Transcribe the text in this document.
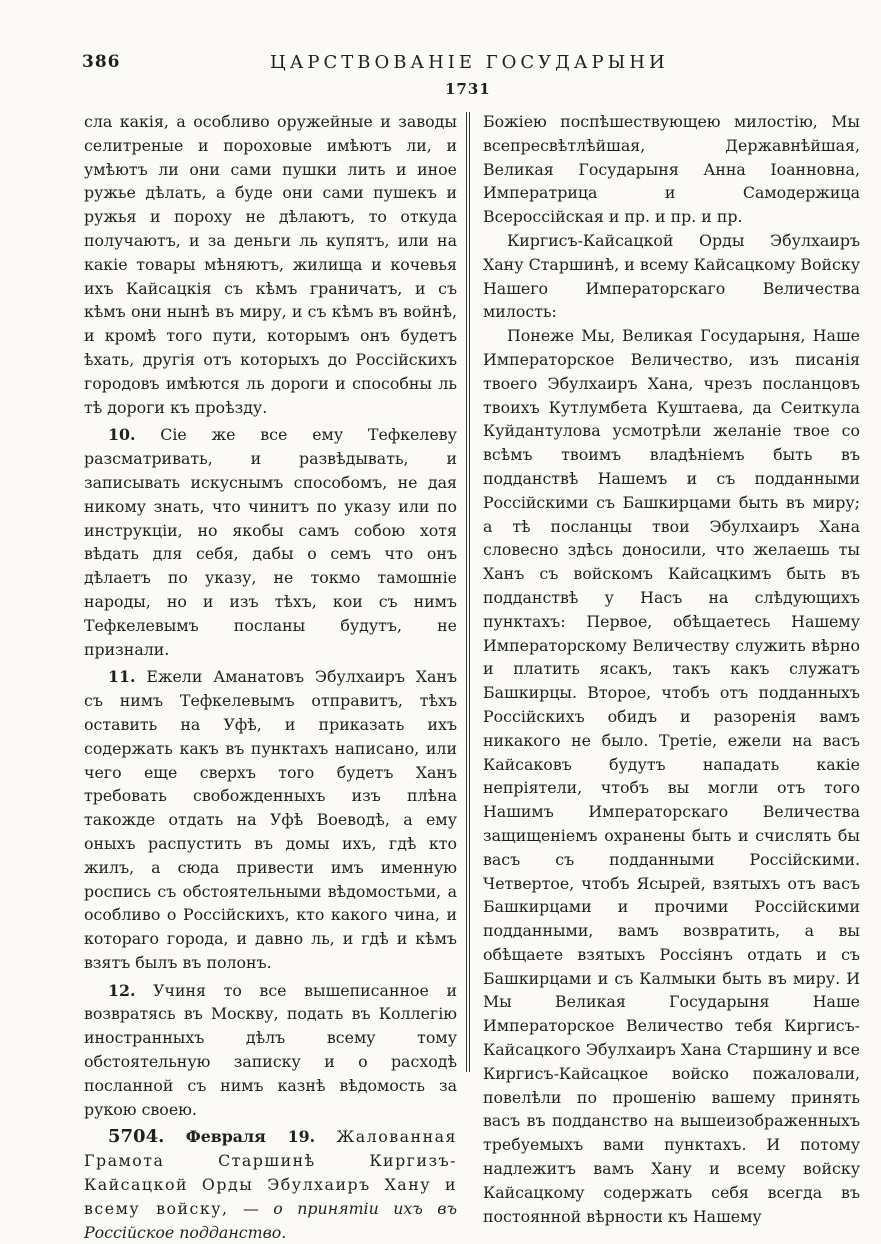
386	ЦАРСТВОВАНІЕ ГОСУДАРЫНИ
1731

сла какія, а особливо оружейные и заводы селитреные и пороховые имѣютъ ли, и умѣютъ ли они сами пушки лить и иное ружье дѣлать, а буде они сами пушекъ и ружья и пороху не дѣлаютъ, то откуда получаютъ, и за деньги ль купятъ, или на какіе товары мѣняютъ, жилища и кочевья ихъ Кайсацкія съ кѣмъ граничатъ, и съ кѣмъ они нынѣ въ миру, и съ кѣмъ въ войнѣ, и кромѣ того пути, которымъ онъ будетъ ѣхать, другія отъ которыхъ до Россійскихъ городовъ имѣются ль дороги и способны ль тѣ дороги къ проѣзду.

10. Сіе же все ему Тефкелеву разсматривать, и развѣдывать, и записывать искуснымъ способомъ, не дая никому знать, что чинитъ по указу или по инструкціи, но якобы самъ собою хотя вѣдать для себя, дабы о семъ что онъ дѣлаетъ по указу, не токмо тамошніе народы, но и изъ тѣхъ, кои съ нимъ Тефкелевымъ посланы будутъ, не признали.

11. Ежели Аманатовъ Эбулхаиръ Ханъ съ нимъ Тефкелевымъ отправитъ, тѣхъ оставить на Уфѣ, и приказать ихъ содержать какъ въ пунктахъ написано, или чего еще сверхъ того будетъ Ханъ требовать свобожденныхъ изъ плѣна такожде отдать на Уфѣ Воеводѣ, а ему оныхъ распустить въ домы ихъ, гдѣ кто жилъ, а сюда привести имъ именную роспись съ обстоятельными вѣдомостьми, а особливо о Россійскихъ, кто какого чина, и котораго города, и давно ль, и гдѣ и кѣмъ взятъ былъ въ полонъ.

12. Учиня то все вышеписанное и возвратясь въ Москву, подать въ Коллегію иностранныхъ дѣлъ всему тому обстоятельную записку и о расходѣ посланной съ нимъ казнѣ вѣдомость за рукою своею.

5704. Февраля 19. Жалованная Грамота Старшинѣ Киргизъ-Кайсацкой Орды Эбулхаиръ Хану и всему войску, — о принятіи ихъ въ Россійское подданство.

Божіею поспѣшествующею милостію, Мы всепресвѣтлѣйшая, Державнѣйшая, Великая Государыня Анна Іоанновна, Императрица и Самодержица Всероссійская и пр. и пр. и пр.

Киргисъ-Кайсацкой Орды Эбулхаиръ Хану Старшинѣ, и всему Кайсацкому Войску Нашего Императорскаго Величества милость:

Понеже Мы, Великая Государыня, Наше Императорское Величество, изъ писанія твоего Эбулхаиръ Хана, чрезъ посланцовъ твоихъ Кутлумбета Куштаева, да Сеиткула Куйдантулова усмотрѣли желаніе твое со всѣмъ твоимъ владѣніемъ быть въ подданствѣ Нашемъ и съ подданными Россійскими съ Башкирцами быть въ миру; а тѣ посланцы твои Эбулхаиръ Хана словесно здѣсь доносили, что желаешь ты Ханъ съ войскомъ Кайсацкимъ быть въ подданствѣ у Насъ на слѣдующихъ пунктахъ: Первое, обѣщаетесь Нашему Императорскому Величеству служить вѣрно и платить ясакъ, такъ какъ служатъ Башкирцы. Второе, чтобъ отъ подданныхъ Россійскихъ обидъ и разоренія вамъ никакого не было. Третіе, ежели на васъ Кайсаковъ будутъ нападать какіе непріятели, чтобъ вы могли отъ того Нашимъ Императорскаго Величества защищеніемъ охранены быть и счислять бы васъ съ подданными Россійскими. Четвертое, чтобъ Ясырей, взятыхъ отъ васъ Башкирцами и прочими Россійскими подданными, вамъ возвратить, а вы обѣщаете взятыхъ Россіянъ отдать и съ Башкирцами и съ Калмыки быть въ миру. И Мы Великая Государыня Наше Императорское Величество тебя Киргисъ-Кайсацкого Эбулхаиръ Хана Старшину и все Киргисъ-Кайсацкое войско пожаловали, повелѣли по прошенію вашему принять васъ въ подданство на вышеизображенныхъ требуемыхъ вами пунктахъ. И потому надлежитъ вамъ Хану и всему войску Кайсацкому содержать себя всегда въ постоянной вѣрности къ Нашему
